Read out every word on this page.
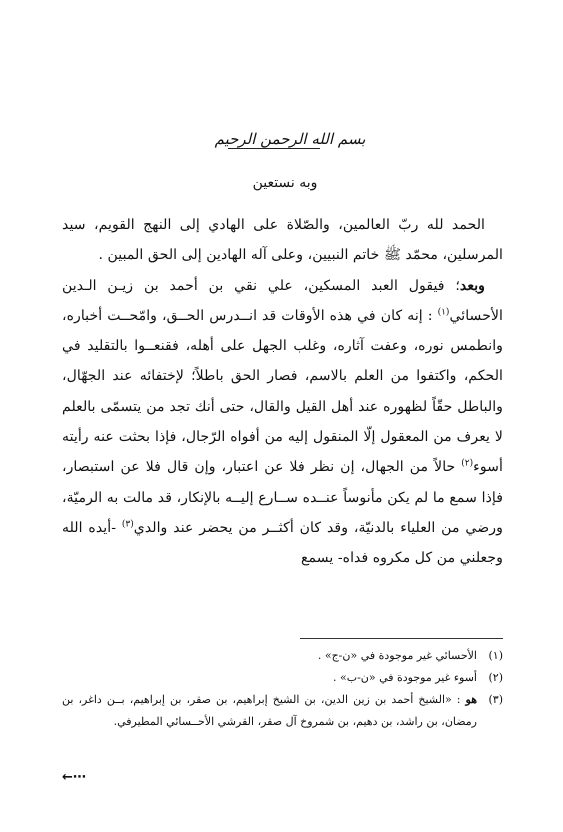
بسم الله الرحمن الرحيم
وبه نستعين

الحمد لله ربّ العالمين، والصّلاة على الهادي إلى النهج القويم، سيد المرسلين، محمّد ﷺ خاتم النبيين، وعلى آله الهادين إلى الحق المبين .

وبعد؛ فيقول العبد المسكين، علي نقي بن أحمد بن زيـن الـدين الأحسائي$^{(١)}$ : إنه كان في هذه الأوقات قد انــدرس الحــق، وامّحــت أخباره، وانطمس نوره، وعفت آثاره، وغلب الجهل على أهله، فقنعــوا بالتقليد في الحكم، واكتفوا من العلم بالاسم، فصار الحق باطلاً؛ لإختفائه عند الجهّال، والباطل حقّاً لظهوره عند أهل القيل والقال، حتى أنك تجد من يتسمّى بالعلم لا يعرف من المعقول إلّا المنقول إليه من أفواه الرّجال، فإذا بحثت عنه رأيته أسوء$^{(٢)}$ حالاً من الجهال، إن نظر فلا عن اعتبار، وإن قال فلا عن استبصار، فإذا سمع ما لم يكن مأنوساً عنــده ســارع إليــه بالإنكار، قد مالت به الرميّة، ورضي من العلياء بالدنيّة، وقد كان أكثــر من يحضر عند والدي$^{(٣)}$ -أيده الله وجعلني من كل مكروه فداه- يسمع

(١)
الأحسائي غير موجودة في «ن-ج» .
(٢)
أسوء غير موجودة في «ن-ب» .
(٣)
هو : «الشيخ أحمد بن زين الدين، بن الشيخ إبراهيم، بن صقر، بن إبراهيم، بــن داغر، بن رمضان، بن راشد، بن دهيم، بن شمروخ آل صقر، القرشي الأحــسائي المطيرفي.
←⋯
